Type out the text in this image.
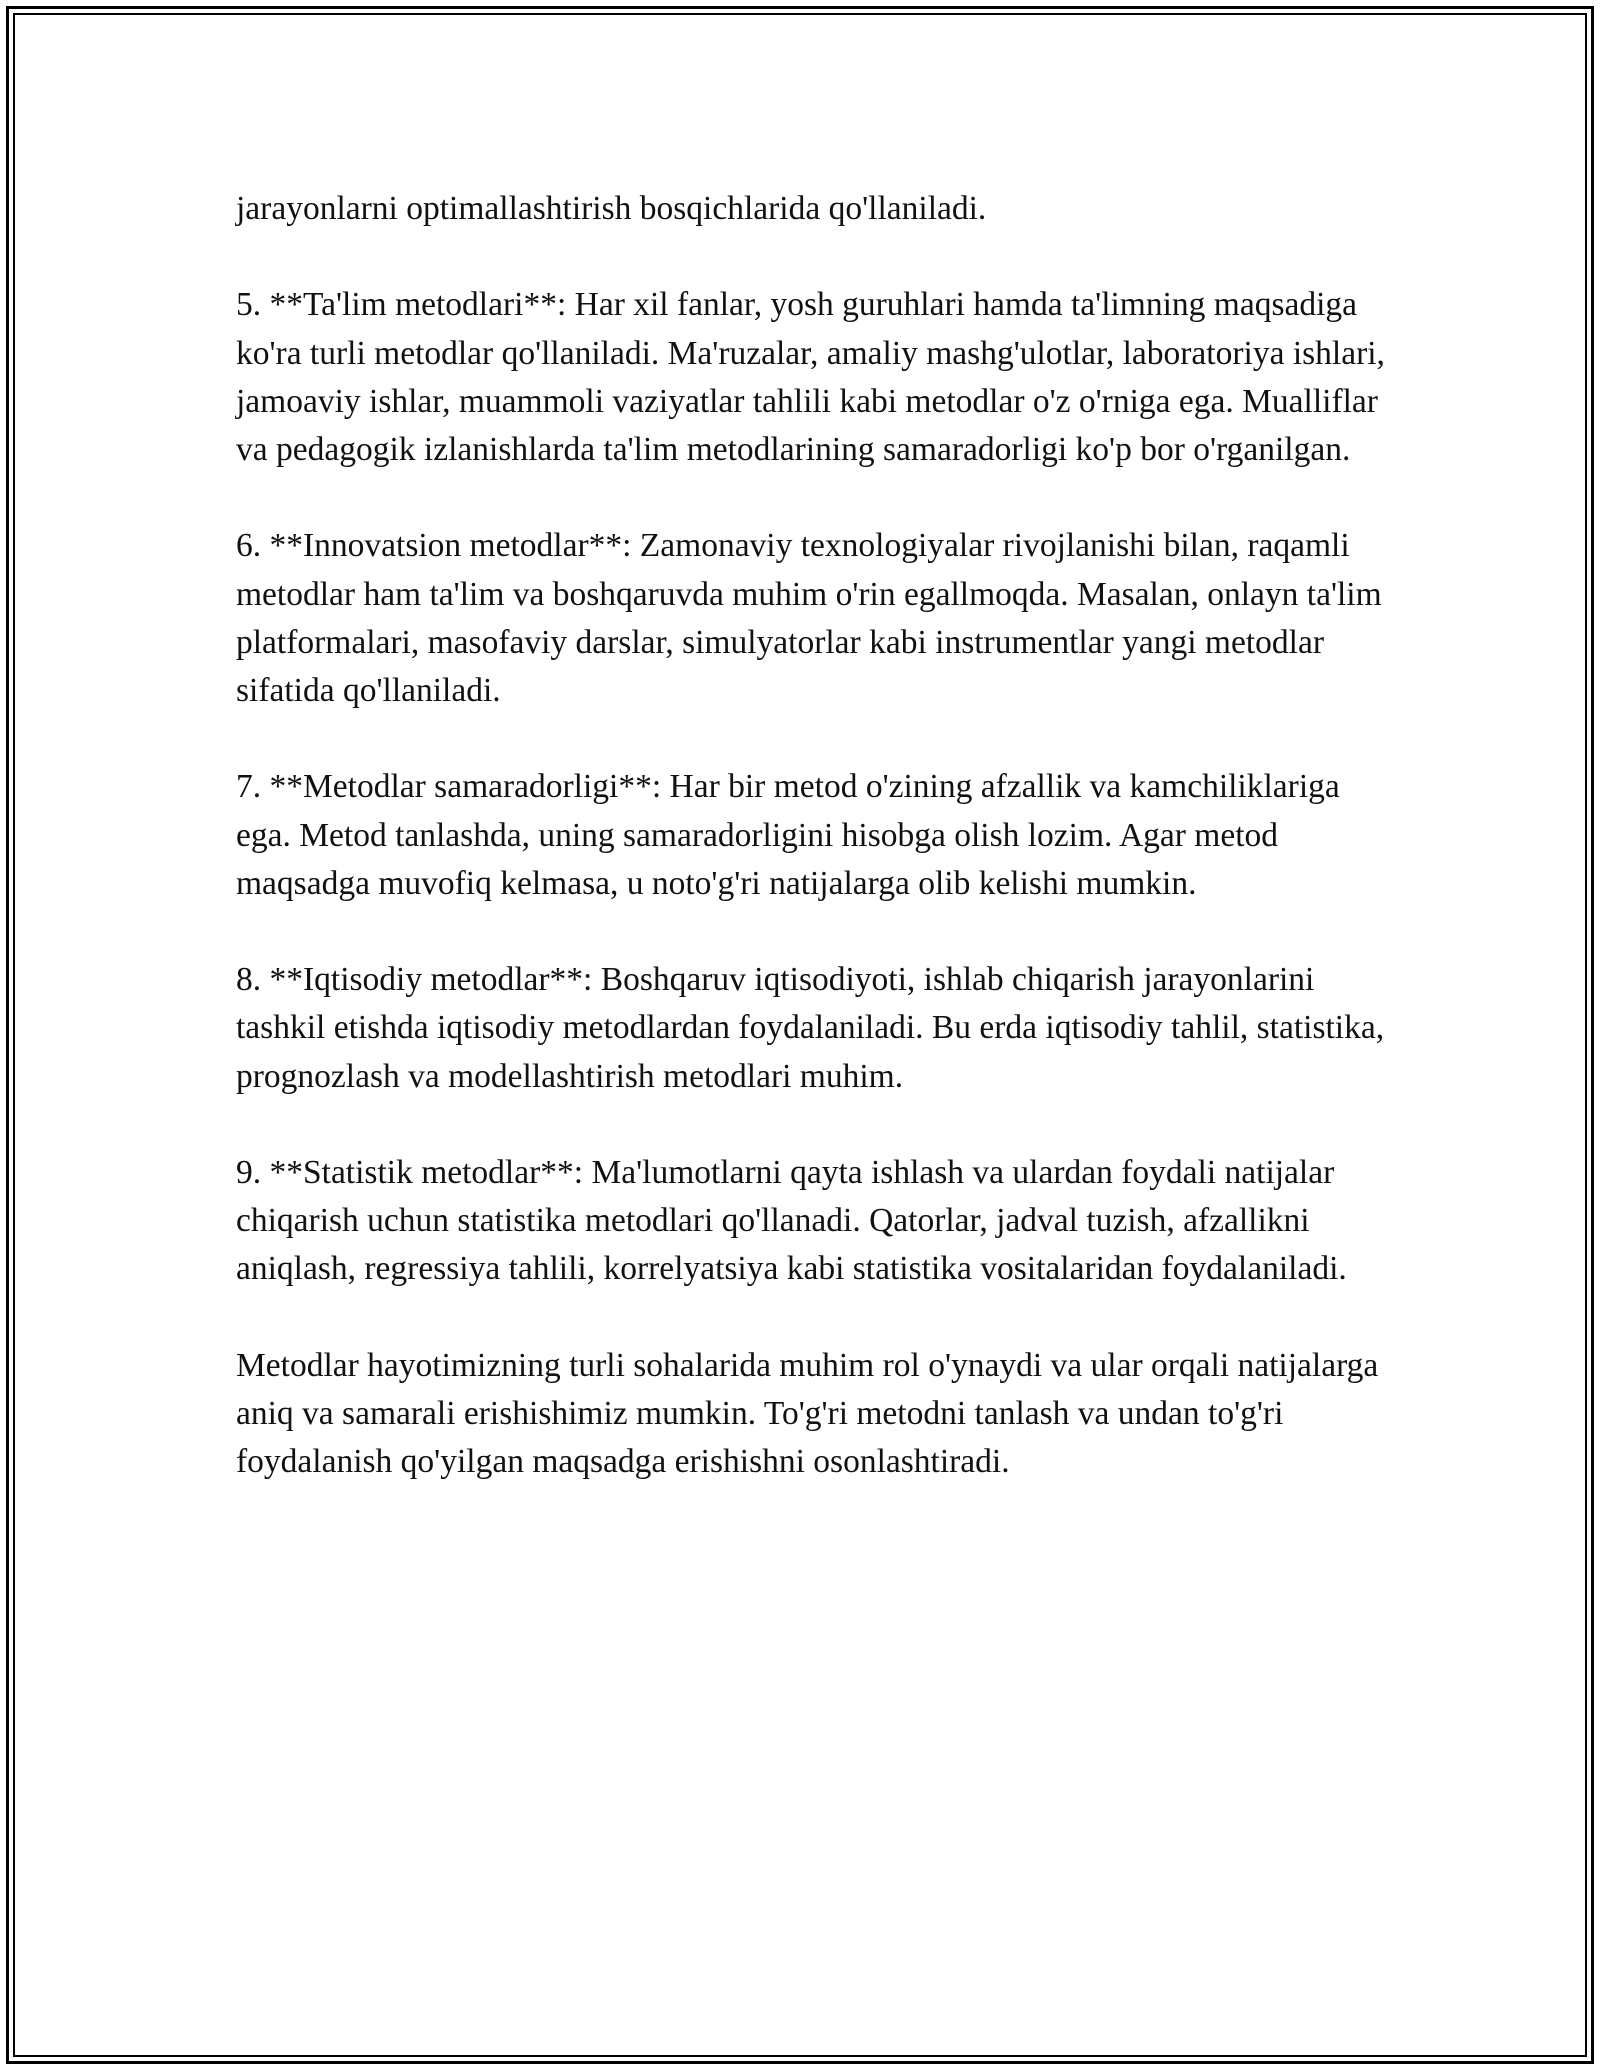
jarayonlarni optimallashtirish bosqichlarida qo'llaniladi.

5. **Ta'lim metodlari**: Har xil fanlar, yosh guruhlari hamda ta'limning maqsadiga ko'ra turli metodlar qo'llaniladi. Ma'ruzalar, amaliy mashg'ulotlar, laboratoriya ishlari, jamoaviy ishlar, muammoli vaziyatlar tahlili kabi metodlar o'z o'rniga ega. Mualliflar va pedagogik izlanishlarda ta'lim metodlarining samaradorligi ko'p bor o'rganilgan.

6. **Innovatsion metodlar**: Zamonaviy texnologiyalar rivojlanishi bilan, raqamli metodlar ham ta'lim va boshqaruvda muhim o'rin egallmoqda. Masalan, onlayn ta'lim platformalari, masofaviy darslar, simulyatorlar kabi instrumentlar yangi metodlar sifatida qo'llaniladi.

7. **Metodlar samaradorligi**: Har bir metod o'zining afzallik va kamchiliklariga ega. Metod tanlashda, uning samaradorligini hisobga olish lozim. Agar metod maqsadga muvofiq kelmasa, u noto'g'ri natijalarga olib kelishi mumkin.

8. **Iqtisodiy metodlar**: Boshqaruv iqtisodiyoti, ishlab chiqarish jarayonlarini tashkil etishda iqtisodiy metodlardan foydalaniladi. Bu erda iqtisodiy tahlil, statistika, prognozlash va modellashtirish metodlari muhim.

9. **Statistik metodlar**: Ma'lumotlarni qayta ishlash va ulardan foydali natijalar chiqarish uchun statistika metodlari qo'llanadi. Qatorlar, jadval tuzish, afzallikni aniqlash, regressiya tahlili, korrelyatsiya kabi statistika vositalaridan foydalaniladi.

Metodlar hayotimizning turli sohalarida muhim rol o'ynaydi va ular orqali natijalarga aniq va samarali erishishimiz mumkin. To'g'ri metodni tanlash va undan to'g'ri foydalanish qo'yilgan maqsadga erishishni osonlashtiradi.
